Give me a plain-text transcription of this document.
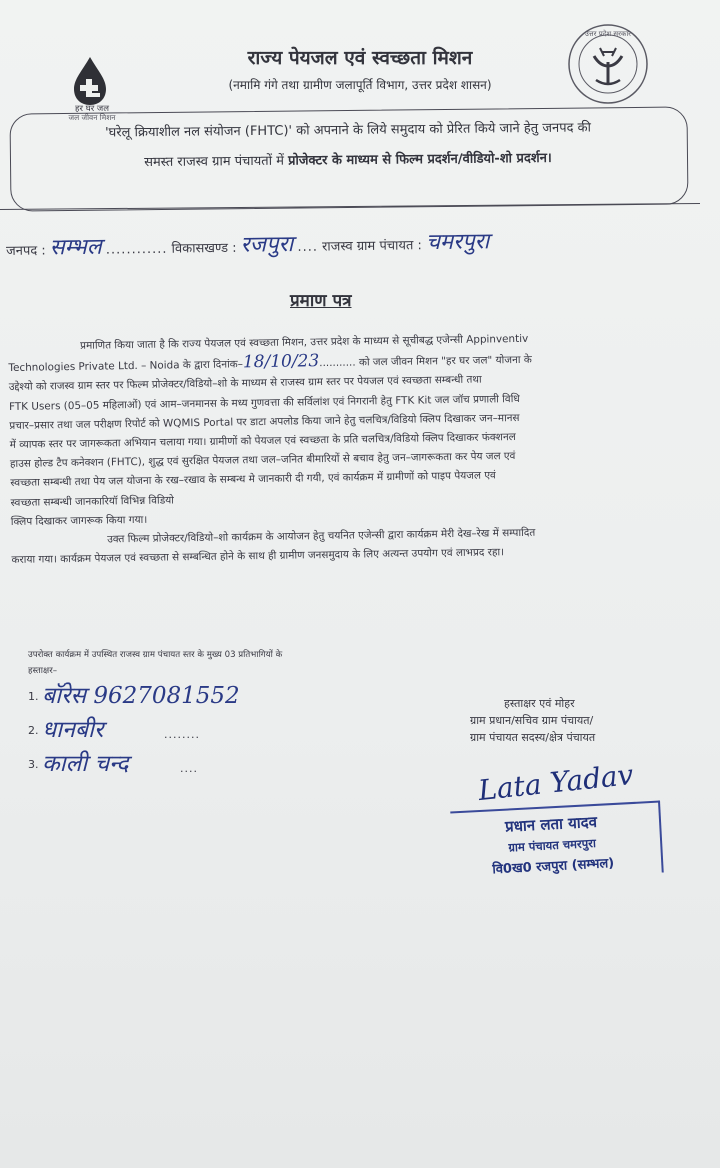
हर घर जल
जल जीवन मिशन
उत्तर प्रदेश सरकार
राज्य पेयजल एवं स्वच्छता मिशन
(नमामि गंगे तथा ग्रामीण जलापूर्ति विभाग, उत्तर प्रदेश शासन)
'घरेलू क्रियाशील नल संयोजन (FHTC)' को अपनाने के लिये समुदाय को प्रेरित किये जाने हेतु जनपद की
समस्त राजस्व ग्राम पंचायतों में प्रोजेक्टर के माध्यम से फिल्म प्रदर्शन/वीडियो-शो प्रदर्शन।
जनपद : सम्भल ............ विकासखण्ड : रजपुरा .... राजस्व ग्राम पंचायत : चमरपुरा
प्रमाण पत्र
प्रमाणित किया जाता है कि राज्य पेयजल एवं स्वच्छता मिशन, उत्तर प्रदेश के माध्यम से सूचीबद्ध एजेन्सी Appinventiv
Technologies Private Ltd. – Noida के द्वारा दिनांक–18/10/23........... को जल जीवन मिशन "हर घर जल" योजना के
उद्देश्यो को राजस्व ग्राम स्तर पर फिल्म प्रोजेक्टर/विडियो–शो के माध्यम से राजस्व ग्राम स्तर पर पेयजल एवं स्वच्छता सम्बन्धी तथा
FTK Users (05–05 महिलाओं) एवं आम–जनमानस के मध्य गुणवत्ता की सर्विलांश एवं निगरानी हेतु FTK Kit जल जॉच प्रणाली विधि
प्रचार–प्रसार तथा जल परीक्षण रिपोर्ट को WQMIS Portal पर डाटा अपलोड किया जाने हेतु चलचित्र/विडियो क्लिप दिखाकर जन–मानस
में व्यापक स्तर पर जागरूकता अभियान चलाया गया। ग्रामीणों को पेयजल एवं स्वच्छता के प्रति चलचित्र/विडियो क्लिप दिखाकर फंक्शनल
हाउस होल्ड टैप कनेक्शन (FHTC), शुद्ध एवं सुरक्षित पेयजल तथा जल–जनित बीमारियों से बचाव हेतु जन–जागरूकता कर पेय जल एवं
स्वच्छता सम्बन्धी तथा पेय जल योजना के रख–रखाव के सम्बन्ध मे जानकारी दी गयी, एवं कार्यक्रम में ग्रामीणों को पाइप पेयजल एवं
स्वच्छता सम्बन्धी जानकारियॉ विभिन्न विडियो
क्लिप दिखाकर जागरूक किया गया।
उक्त फिल्म प्रोजेक्टर/विडियो–शो कार्यक्रम के आयोजन हेतु चयनित एजेन्सी द्वारा कार्यक्रम मेरी देख–रेख में सम्पादित
कराया गया। कार्यक्रम पेयजल एवं स्वच्छता से सम्बन्धित होने के साथ ही ग्रामीण जनसमुदाय के लिए अत्यन्त उपयोग एवं लाभप्रद रहा।
उपरोक्त कार्यक्रम में उपस्थित राजस्व ग्राम पंचायत स्तर के मुख्य 03 प्रतिभागियों के
हस्ताक्षर–
1. बॉरेस 9627081552
2. धानबीर	........
3. काली चन्द	....
हस्ताक्षर एवं मोहर
ग्राम प्रधान/सचिव ग्राम पंचायत/
ग्राम पंचायत सदस्य/क्षेत्र पंचायत
Lata Yadav
प्रधान लता यादव
ग्राम पंचायत चमरपुरा
वि0ख0 रजपुरा (सम्भल)
